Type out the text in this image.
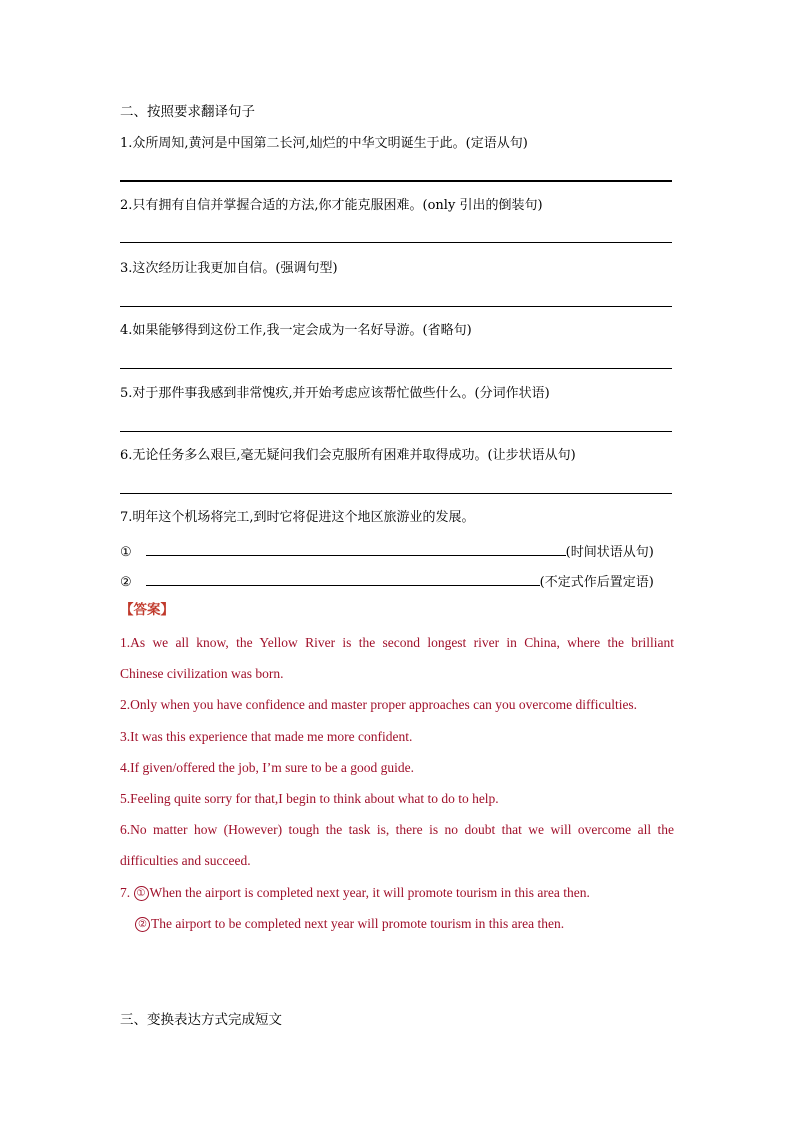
二、按照要求翻译句子
1.众所周知,黄河是中国第二长河,灿烂的中华文明诞生于此。(定语从句)
2.只有拥有自信并掌握合适的方法,你才能克服困难。(only 引出的倒装句)
3.这次经历让我更加自信。(强调句型)
4.如果能够得到这份工作,我一定会成为一名好导游。(省略句)
5.对于那件事我感到非常愧疚,并开始考虑应该帮忙做些什么。(分词作状语)
6.无论任务多么艰巨,毫无疑问我们会克服所有困难并取得成功。(让步状语从句)
7.明年这个机场将完工,到时它将促进这个地区旅游业的发展。
①	(时间状语从句)
②	(不定式作后置定语)
【答案】
1.As we all know, the Yellow River is the second longest river in China, where the brilliant
Chinese civilization was born.
2.Only when you have confidence and master proper approaches can you overcome difficulties.
3.It was this experience that made me more confident.
4.If given/offered the job, I’m sure to be a good guide.
5.Feeling quite sorry for that,I begin to think about what to do to help.
6.No matter how (However) tough the task is, there is no doubt that we will overcome all the
difficulties and succeed.
7. ① When the airport is completed next year, it will promote tourism in this area then.
② The airport to be completed next year will promote tourism in this area then.
三、变换表达方式完成短文
